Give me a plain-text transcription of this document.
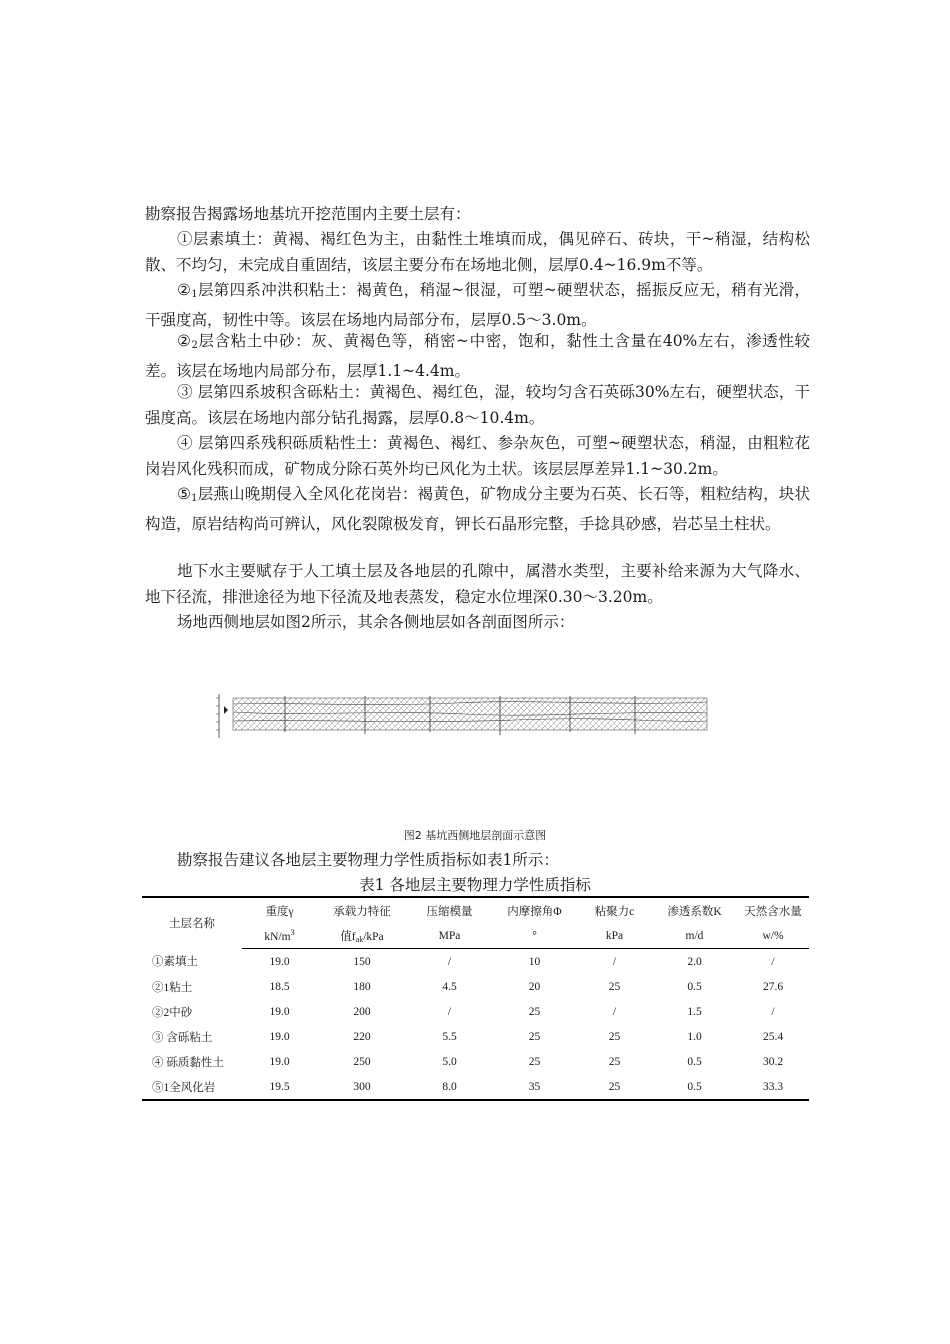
勘察报告揭露场地基坑开挖范围内主要土层有：

①层素填土：黄褐、褐红色为主，由黏性土堆填而成，偶见碎石、砖块，干~稍湿，结构松散、不均匀，未完成自重固结，该层主要分布在场地北侧，层厚0.4~16.9m不等。

$②_1$层第四系冲洪积粘土：褐黄色，稍湿~很湿，可塑~硬塑状态，摇振反应无，稍有光滑，干强度高，韧性中等。该层在场地内局部分布，层厚0.5～3.0m。

$②_2$层含粘土中砂：灰、黄褐色等，稍密~中密，饱和，黏性土含量在40%左右，渗透性较差。该层在场地内局部分布，层厚1.1~4.4m。

③ 层第四系坡积含砾粘土：黄褐色、褐红色，湿，较均匀含石英砾30%左右，硬塑状态，干强度高。该层在场地内部分钻孔揭露，层厚0.8～10.4m。

④ 层第四系残积砾质粘性土：黄褐色、褐红、参杂灰色，可塑~硬塑状态，稍湿，由粗粒花岗岩风化残积而成，矿物成分除石英外均已风化为土状。该层层厚差异1.1~30.2m。

$⑤_1$层燕山晚期侵入全风化花岗岩：褐黄色，矿物成分主要为石英、长石等，粗粒结构，块状构造，原岩结构尚可辨认，风化裂隙极发育，钾长石晶形完整，手捻具砂感，岩芯呈土柱状。

地下水主要赋存于人工填土层及各地层的孔隙中，属潜水类型，主要补给来源为大气降水、地下径流，排泄途径为地下径流及地表蒸发，稳定水位埋深0.30～3.20m。

场地西侧地层如图2所示，其余各侧地层如各剖面图所示：

图2 基坑西侧地层剖面示意图

勘察报告建议各地层主要物理力学性质指标如表1所示：

表1 各地层主要物理力学性质指标
土层名称	重度γ	承载力特征	压缩模量	内摩擦角Φ	粘聚力c	渗透系数K	天然含水量
	$kN/m^3$	值$f_{ak}$/kPa	MPa	°	kPa	m/d	w/%
①素填土	19.0	150	/	10	/	2.0	/
②1粘土	18.5	180	4.5	20	25	0.5	27.6
②2中砂	19.0	200	/	25	/	1.5	/
③ 含砾粘土	19.0	220	5.5	25	25	1.0	25.4
④ 砾质黏性土	19.0	250	5.0	25	25	0.5	30.2
⑤1全风化岩	19.5	300	8.0	35	25	0.5	33.3
